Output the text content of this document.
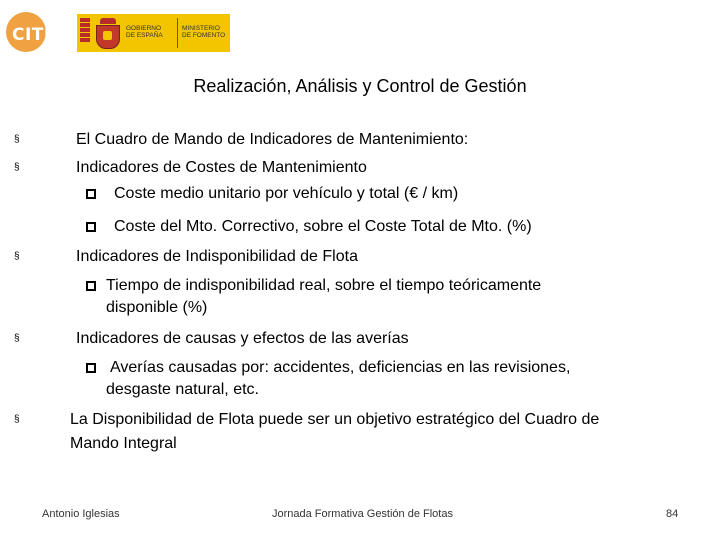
CITET	GOBIERNO
DE ESPAÑA
MINISTERIO
DE FOMENTO
Realización, Análisis y Control de Gestión
§	El Cuadro de Mando de Indicadores de Mantenimiento:
§	Indicadores de Costes de Mantenimiento
Coste medio unitario por vehículo y total (€ / km)
Coste del Mto. Correctivo, sobre el Coste Total de Mto. (%)
§	Indicadores de Indisponibilidad de Flota
Tiempo de indisponibilidad real, sobre el tiempo teóricamente
disponible (%)
§	Indicadores de causas y efectos de las averías
Averías causadas por: accidentes, deficiencias en las revisiones,
desgaste natural, etc.
§	La Disponibilidad de Flota puede ser un objetivo estratégico del Cuadro de
Mando Integral
Antonio Iglesias	Jornada Formativa Gestión de Flotas	84
